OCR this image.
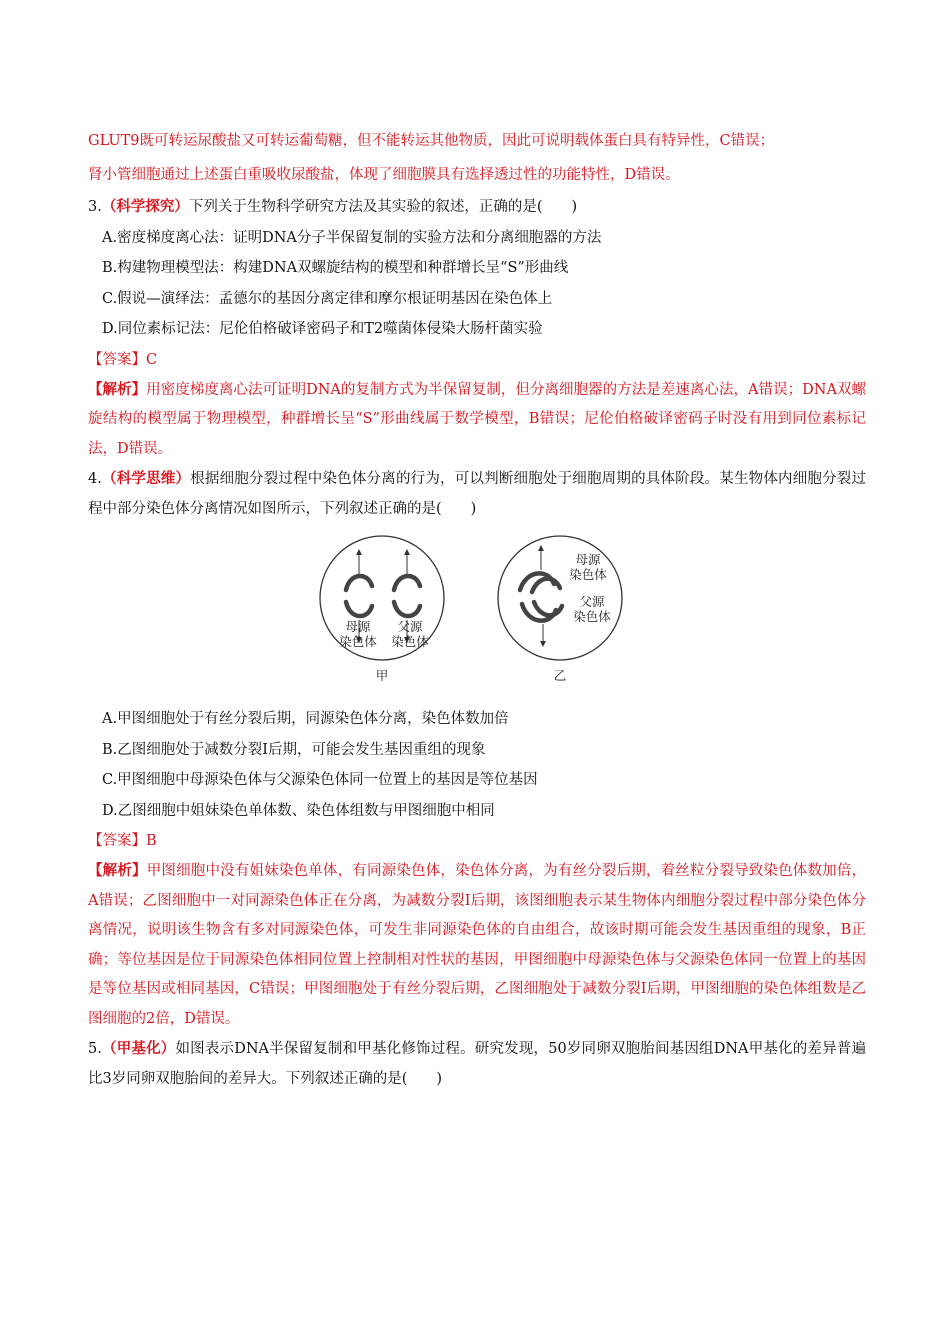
GLUT9既可转运尿酸盐又可转运葡萄糖，但不能转运其他物质，因此可说明载体蛋白具有特异性，C错误；
肾小管细胞通过上述蛋白重吸收尿酸盐，体现了细胞膜具有选择透过性的功能特性，D错误。
3.（科学探究）下列关于生物科学研究方法及其实验的叙述，正确的是(　　)
A.密度梯度离心法：证明DNA分子半保留复制的实验方法和分离细胞器的方法
B.构建物理模型法：构建DNA双螺旋结构的模型和种群增长呈“S”形曲线
C.假说—演绎法：孟德尔的基因分离定律和摩尔根证明基因在染色体上
D.同位素标记法：尼伦伯格破译密码子和T2噬菌体侵染大肠杆菌实验
【答案】C
【解析】用密度梯度离心法可证明DNA的复制方式为半保留复制，但分离细胞器的方法是差速离心法，A错误；DNA双螺旋结构的模型属于物理模型，种群增长呈“S”形曲线属于数学模型，B错误；尼伦伯格破译密码子时没有用到同位素标记法，D错误。
4.（科学思维）根据细胞分裂过程中染色体分离的行为，可以判断细胞处于细胞周期的具体阶段。某生物体内细胞分裂过程中部分染色体分离情况如图所示，下列叙述正确的是(　　)
母源
染色体
父源
染色体
甲
母源
染色体
父源
染色体
乙
A.甲图细胞处于有丝分裂后期，同源染色体分离，染色体数加倍
B.乙图细胞处于减数分裂Ⅰ后期，可能会发生基因重组的现象
C.甲图细胞中母源染色体与父源染色体同一位置上的基因是等位基因
D.乙图细胞中姐妹染色单体数、染色体组数与甲图细胞中相同
【答案】B
【解析】甲图细胞中没有姐妹染色单体，有同源染色体，染色体分离，为有丝分裂后期，着丝粒分裂导致染色体数加倍，A错误；乙图细胞中一对同源染色体正在分离，为减数分裂Ⅰ后期，该图细胞表示某生物体内细胞分裂过程中部分染色体分离情况，说明该生物含有多对同源染色体，可发生非同源染色体的自由组合，故该时期可能会发生基因重组的现象，B正确；等位基因是位于同源染色体相同位置上控制相对性状的基因，甲图细胞中母源染色体与父源染色体同一位置上的基因是等位基因或相同基因，C错误；甲图细胞处于有丝分裂后期，乙图细胞处于减数分裂Ⅰ后期，甲图细胞的染色体组数是乙图细胞的2倍，D错误。
5.（甲基化）如图表示DNA半保留复制和甲基化修饰过程。研究发现，50岁同卵双胞胎间基因组DNA甲基化的差异普遍比3岁同卵双胞胎间的差异大。下列叙述正确的是(　　)
